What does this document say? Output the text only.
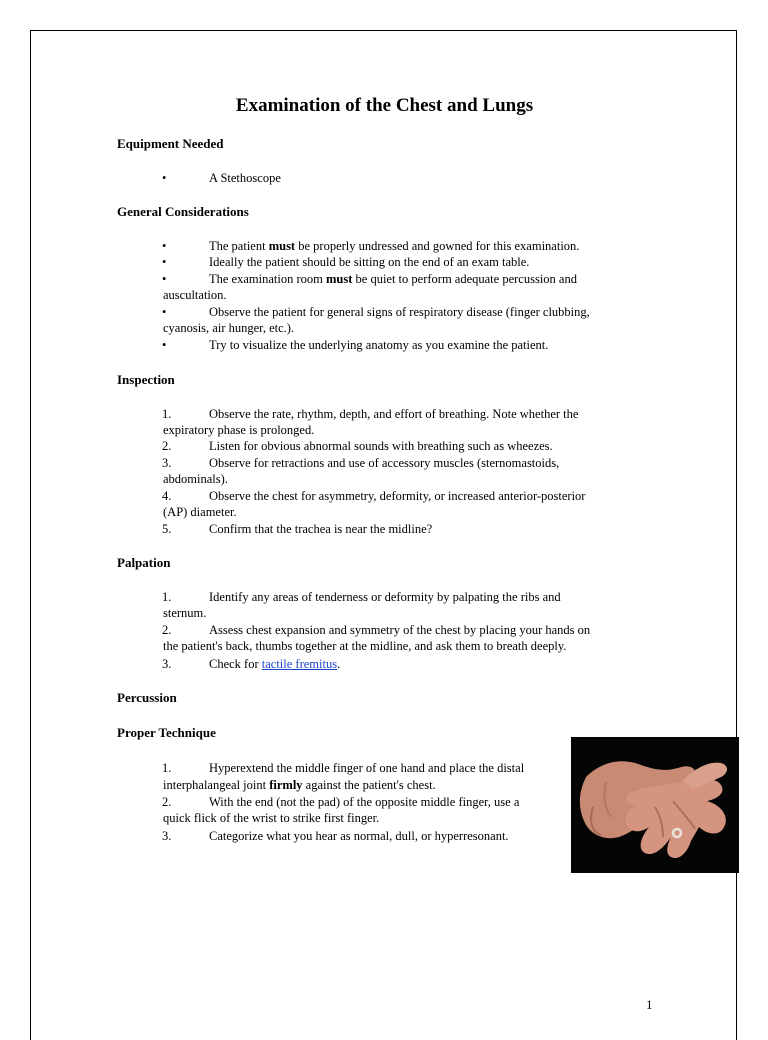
Examination of the Chest and Lungs
Equipment Needed
•	A Stethoscope
General Considerations
•	The patient must be properly undressed and gowned for this examination.
•	Ideally the patient should be sitting on the end of an exam table.
•	The examination room must be quiet to perform adequate percussion and
auscultation.
•	Observe the patient for general signs of respiratory disease (finger clubbing,
cyanosis, air hunger, etc.).
•	Try to visualize the underlying anatomy as you examine the patient.
Inspection
1.	Observe the rate, rhythm, depth, and effort of breathing. Note whether the
expiratory phase is prolonged.
2.	Listen for obvious abnormal sounds with breathing such as wheezes.
3.	Observe for retractions and use of accessory muscles (sternomastoids,
abdominals).
4.	Observe the chest for asymmetry, deformity, or increased anterior-posterior
(AP) diameter.
5.	Confirm that the trachea is near the midline?
Palpation
1.	Identify any areas of tenderness or deformity by palpating the ribs and
sternum.
2.	Assess chest expansion and symmetry of the chest by placing your hands on
the patient's back, thumbs together at the midline, and ask them to breath deeply.
3.	Check for tactile fremitus.
Percussion
Proper Technique
1.	Hyperextend the middle finger of one hand and place the distal
interphalangeal joint firmly against the patient's chest.
2.	With the end (not the pad) of the opposite middle finger, use a
quick flick of the wrist to strike first finger.
3.	Categorize what you hear as normal, dull, or hyperresonant.
1
